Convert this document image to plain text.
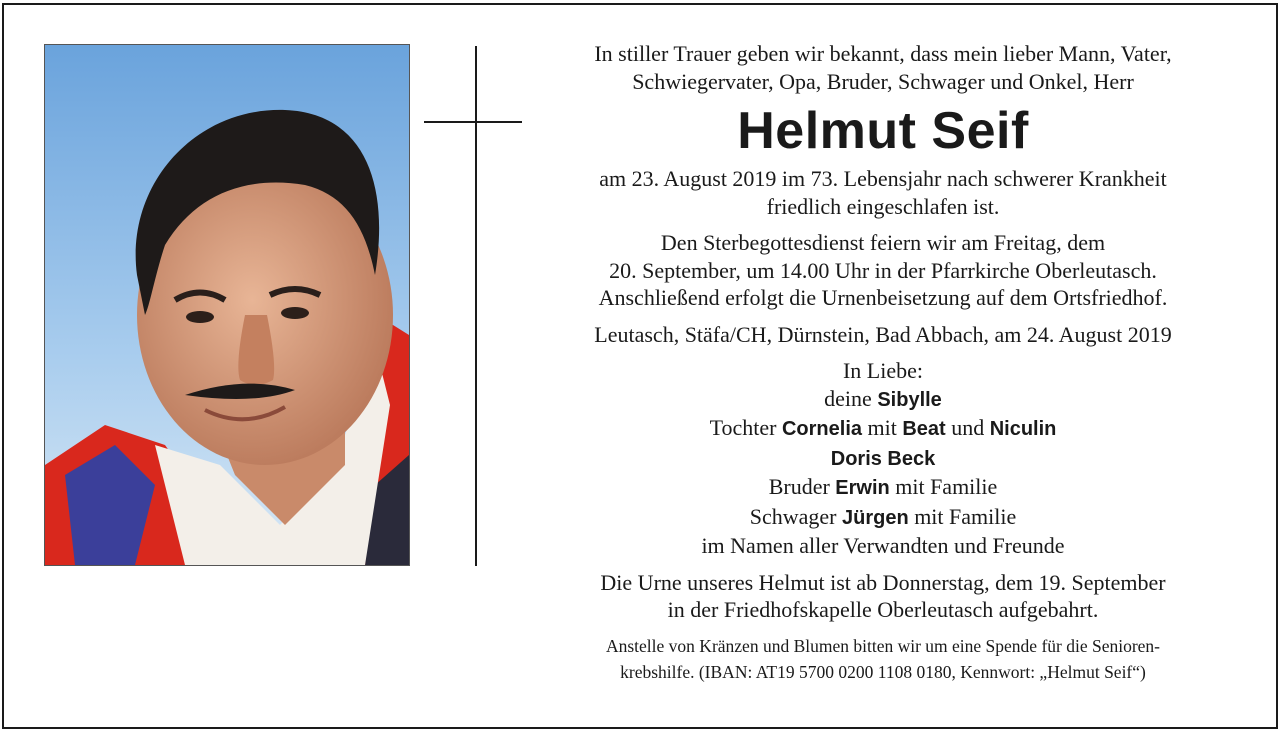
In stiller Trauer geben wir bekannt, dass mein lieber Mann, Vater,

Schwiegervater, Opa, Bruder, Schwager und Onkel, Herr

Helmut Seif

am 23. August 2019 im 73. Lebensjahr nach schwerer Krankheit

friedlich eingeschlafen ist.

Den Sterbegottesdienst feiern wir am Freitag, dem

20. September, um 14.00 Uhr in der Pfarrkirche Oberleutasch.

Anschließend erfolgt die Urnenbeisetzung auf dem Ortsfriedhof.

Leutasch, Stäfa/CH, Dürnstein, Bad Abbach, am 24. August 2019

In Liebe:

deine Sibylle

Tochter Cornelia mit Beat und Niculin

Doris Beck

Bruder Erwin mit Familie

Schwager Jürgen mit Familie

im Namen aller Verwandten und Freunde

Die Urne unseres Helmut ist ab Donnerstag, dem 19. September

in der Friedhofskapelle Oberleutasch aufgebahrt.

Anstelle von Kränzen und Blumen bitten wir um eine Spende für die Senioren-

krebshilfe. (IBAN: AT19 5700 0200 1108 0180, Kennwort: „Helmut Seif“)
